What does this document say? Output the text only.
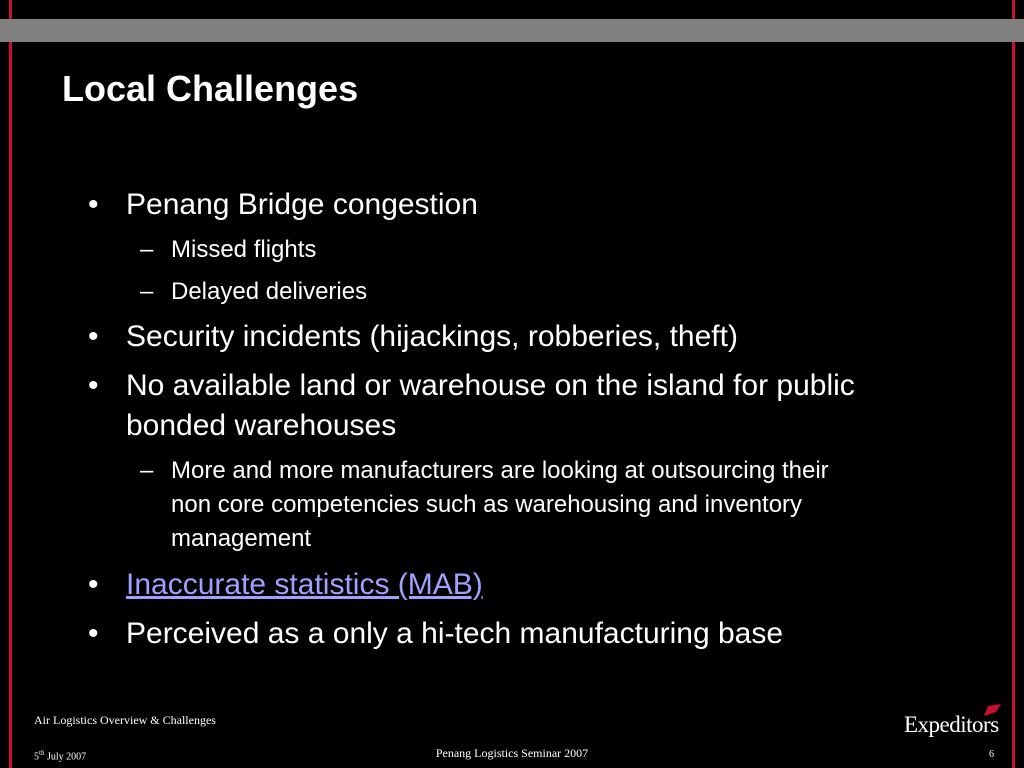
Local Challenges
• Penang Bridge congestion
– Missed flights
– Delayed deliveries
• Security incidents (hijackings, robberies, theft)
• No available land or warehouse on the island for public
bonded warehouses
– More and more manufacturers are looking at outsourcing their
non core competencies such as warehousing and inventory
management
• Inaccurate statistics (MAB)
• Perceived as a only a hi-tech manufacturing base
Air Logistics Overview & Challenges
5th July 2007	Penang Logistics Seminar 2007	6
Expeditors
